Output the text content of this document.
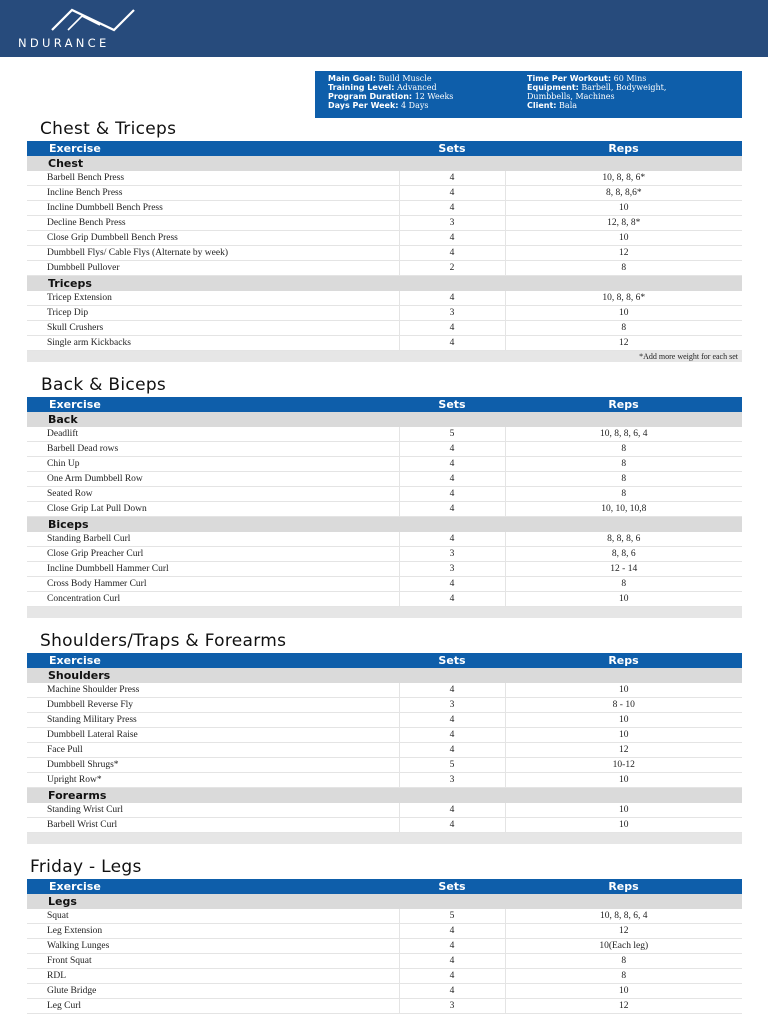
NDURANCE
Main Goal: Build Muscle
Training Level: Advanced
Program Duration: 12 Weeks
Days Per Week: 4 Days
Time Per Workout: 60 Mins
Equipment: Barbell, Bodyweight,
Dumbbells, Machines
Client: Bala
Chest & Triceps
Back & Biceps
Shoulders/Traps & Forearms
Friday - Legs
Exercise	Sets	Reps
Chest		
Barbell Bench Press	4	10, 8, 8, 6*
Incline Bench Press	4	8, 8, 8,6*
Incline Dumbbell Bench Press	4	10
Decline Bench Press	3	12, 8, 8*
Close Grip Dumbbell Bench Press	4	10
Dumbbell Flys/ Cable Flys (Alternate by week)	4	12
Dumbbell Pullover	2	8
Triceps		
Tricep Extension	4	10, 8, 8, 6*
Tricep Dip	3	10
Skull Crushers	4	8
Single arm Kickbacks	4	12
*Add more weight for each set		
Exercise	Sets	Reps
Back		
Deadlift	5	10, 8, 8, 6, 4
Barbell Dead rows	4	8
Chin Up	4	8
One Arm Dumbbell Row	4	8
Seated Row	4	8
Close Grip Lat Pull Down	4	10, 10, 10,8
Biceps		
Standing Barbell Curl	4	8, 8, 8, 6
Close Grip Preacher Curl	3	8, 8, 6
Incline Dumbbell Hammer Curl	3	12 - 14
Cross Body Hammer Curl	4	8
Concentration Curl	4	10

Exercise	Sets	Reps
Shoulders		
Machine Shoulder Press	4	10
Dumbbell Reverse Fly	3	8 - 10
Standing Military Press	4	10
Dumbbell Lateral Raise	4	10
Face Pull	4	12
Dumbbell Shrugs*	5	10-12
Upright Row*	3	10
Forearms		
Standing Wrist Curl	4	10
Barbell Wrist Curl	4	10

Exercise	Sets	Reps
Legs		
Squat	5	10, 8, 8, 6, 4
Leg Extension	4	12
Walking Lunges	4	10(Each leg)
Front Squat	4	8
RDL	4	8
Glute Bridge	4	10
Leg Curl	3	12
